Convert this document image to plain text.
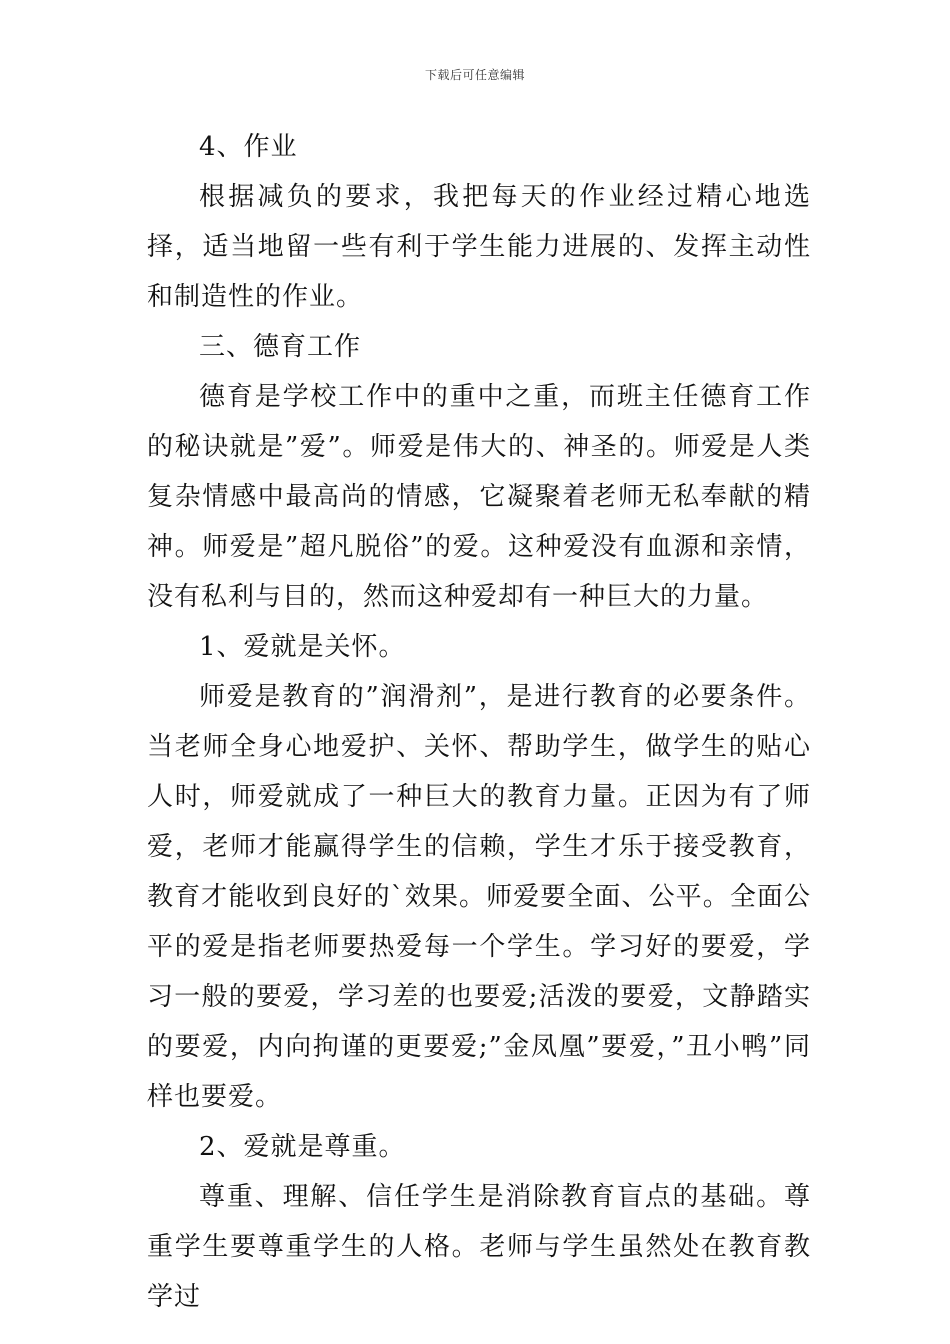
下载后可任意编辑

4、作业

根据减负的要求，我把每天的作业经过精心地选择，适当地留一些有利于学生能力进展的、发挥主动性和制造性的作业。

三、德育工作

德育是学校工作中的重中之重，而班主任德育工作的秘诀就是”爱”。师爱是伟大的、神圣的。师爱是人类复杂情感中最高尚的情感，它凝聚着老师无私奉献的精神。师爱是”超凡脱俗”的爱。这种爱没有血源和亲情，没有私利与目的，然而这种爱却有一种巨大的力量。

1、爱就是关怀。

师爱是教育的”润滑剂”，是进行教育的必要条件。当老师全身心地爱护、关怀、帮助学生，做学生的贴心人时，师爱就成了一种巨大的教育力量。正因为有了师爱，老师才能赢得学生的信赖，学生才乐于接受教育，教育才能收到良好的`效果。师爱要全面、公平。全面公平的爱是指老师要热爱每一个学生。学习好的要爱，学习一般的要爱，学习差的也要爱;活泼的要爱，文静踏实的要爱，内向拘谨的更要爱;”金凤凰”要爱，”丑小鸭”同样也要爱。

2、爱就是尊重。

尊重、理解、信任学生是消除教育盲点的基础。尊重学生要尊重学生的人格。老师与学生虽然处在教育教学过
